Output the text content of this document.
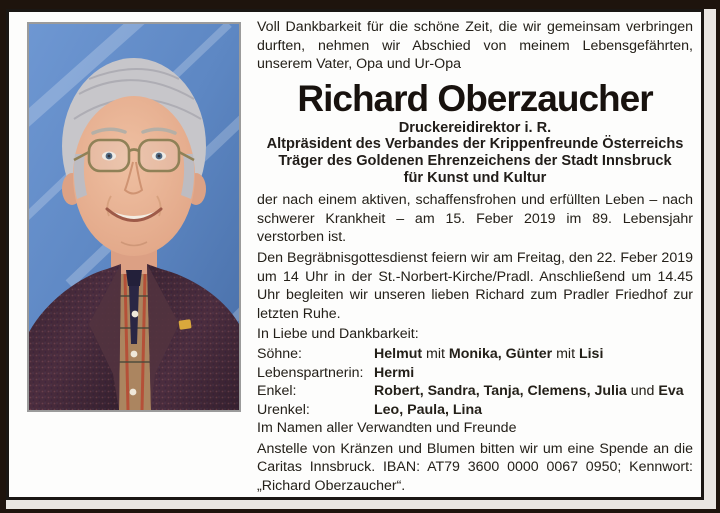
Voll Dankbarkeit für die schöne Zeit, die wir gemeinsam verbringen durften, nehmen wir Abschied von meinem Lebensgefährten, unserem Vater, Opa und Ur-Opa

Richard Oberzaucher
Druckereidirektor i. R.
Altpräsident des Verbandes der Krippenfreunde Österreichs
Träger des Goldenen Ehrenzeichens der Stadt Innsbruck
für Kunst und Kultur

der nach einem aktiven, schaffensfrohen und erfüllten Leben – nach schwerer Krankheit – am 15. Feber 2019 im 89. Lebensjahr verstorben ist.

Den Begräbnisgottesdienst feiern wir am Freitag, den 22. Feber 2019 um 14 Uhr in der St.-Norbert-Kirche/Pradl. Anschließend um 14.45 Uhr begleiten wir unseren lieben Richard zum Pradler Friedhof zur letzten Ruhe.

In Liebe und Dankbarkeit:
Söhne:	Helmut mit Monika, Günter mit Lisi
Lebenspartnerin: Hermi
Enkel:	Robert, Sandra, Tanja, Clemens, Julia und Eva
Urenkel:	Leo, Paula, Lina
Im Namen aller Verwandten und Freunde

Anstelle von Kränzen und Blumen bitten wir um eine Spende an die Caritas Innsbruck. IBAN: AT79 3600 0000 0067 0950; Kennwort: „Richard Oberzaucher“.
